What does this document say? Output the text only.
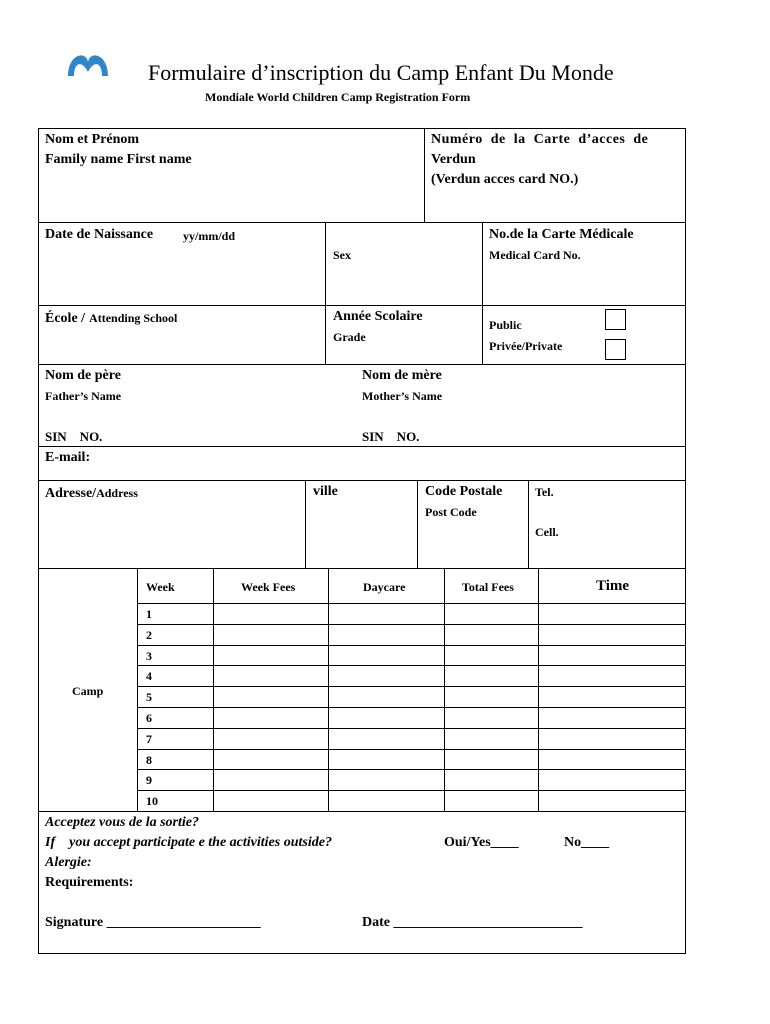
Formulaire d’inscription du Camp Enfant Du Monde
Mondiale World Children Camp Registration Form
Nom et Prénom
Family name First name
Numéro  de  la  Carte  d’acces  de
Verdun
(Verdun acces card NO.)
Date de Naissance yy/mm/dd
Sex
No.de la Carte Médicale
Medical Card No.
École / Attending School	Année Scolaire
Grade
Public
Privée/Private
Nom de père
Father’s Name
SIN    NO.
Nom de mère
Mother’s Name
SIN    NO.
E-mail:
Adresse/Address	ville	Code Postale
Post Code
Tel.
Cell.
Camp
Week	Week Fees	Daycare	Total Fees	Time
1
2
3
4
5
6
7
8
9
10
Acceptez vous de la sortie?
If    you accept participate e the activities outside?	Oui/Yes____	No____
Alergie:
Requirements:
Signature ______________________	Date ___________________________
